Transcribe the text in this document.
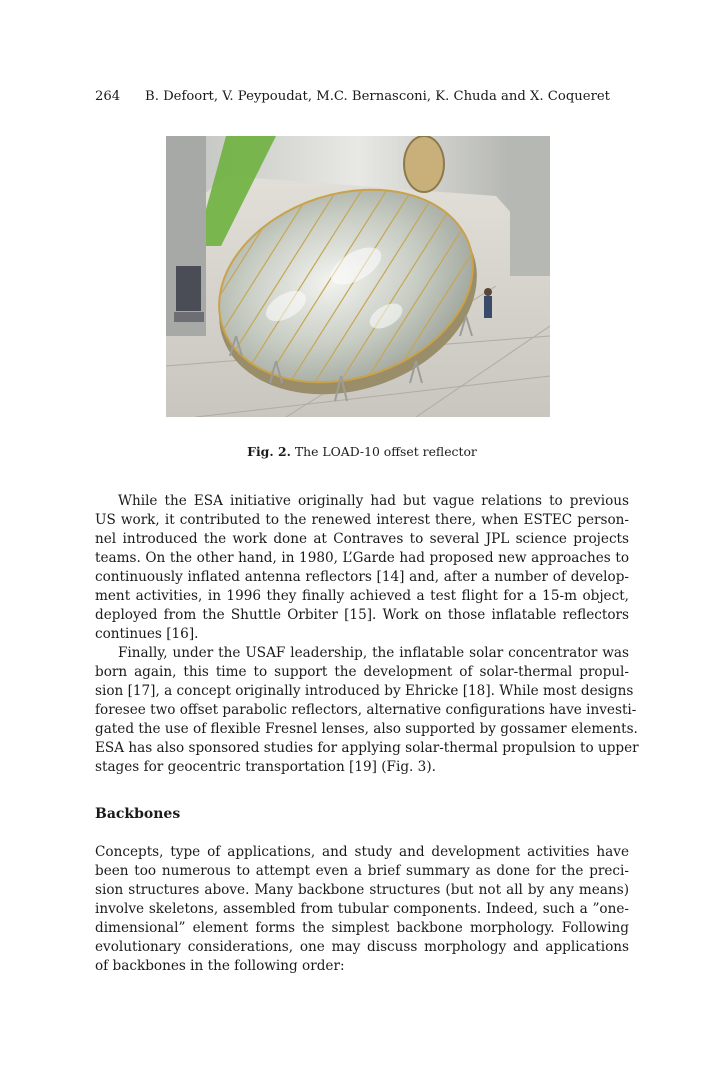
264 B. Defoort, V. Peypoudat, M.C. Bernasconi, K. Chuda and X. Coqueret
Fig. 2. The LOAD-10 offset reflector

While the ESA initiative originally had but vague relations to previous
US work, it contributed to the renewed interest there, when ESTEC person-
nel introduced the work done at Contraves to several JPL science projects
teams. On the other hand, in 1980, L’Garde had proposed new approaches to
continuously inflated antenna reflectors [14] and, after a number of develop-
ment activities, in 1996 they finally achieved a test flight for a 15-m object,
deployed from the Shuttle Orbiter [15]. Work on those inflatable reflectors
continues [16].

Finally, under the USAF leadership, the inflatable solar concentrator was
born again, this time to support the development of solar-thermal propul-
sion [17], a concept originally introduced by Ehricke [18]. While most designs
foresee two offset parabolic reflectors, alternative configurations have investi-
gated the use of flexible Fresnel lenses, also supported by gossamer elements.
ESA has also sponsored studies for applying solar-thermal propulsion to upper
stages for geocentric transportation [19] (Fig. 3).

Backbones

Concepts, type of applications, and study and development activities have
been too numerous to attempt even a brief summary as done for the preci-
sion structures above. Many backbone structures (but not all by any means)
involve skeletons, assembled from tubular components. Indeed, such a ”one-
dimensional” element forms the simplest backbone morphology. Following
evolutionary considerations, one may discuss morphology and applications
of backbones in the following order:
